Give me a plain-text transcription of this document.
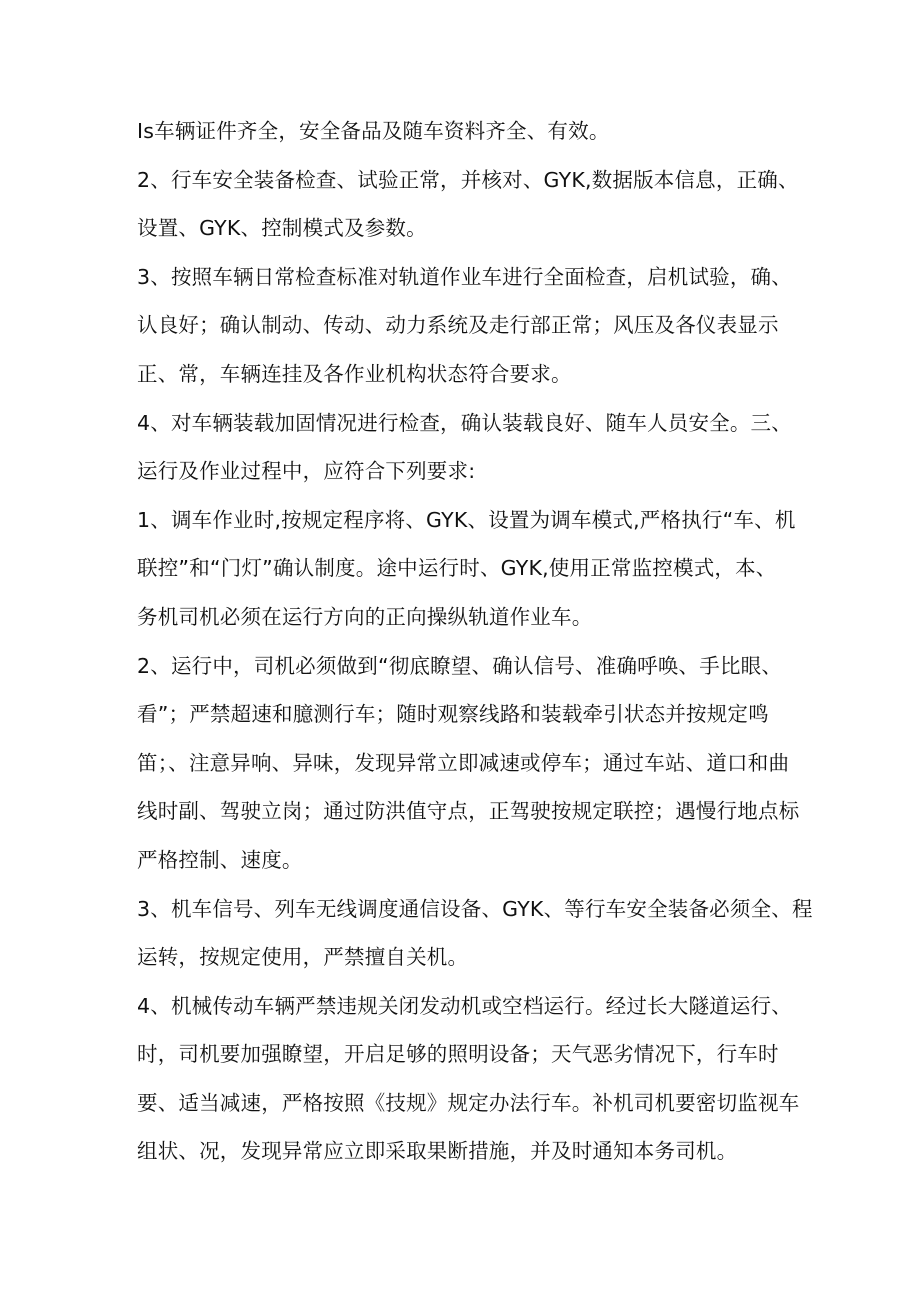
Is车辆证件齐全，安全备品及随车资料齐全、有效。
2、行车安全装备检查、试验正常，并核对、GYK,数据版本信息，正确、
设置、GYK、控制模式及参数。
3、按照车辆日常检查标准对轨道作业车进行全面检查，启机试验，确、
认良好；确认制动、传动、动力系统及走行部正常；风压及各仪表显示
正、常，车辆连挂及各作业机构状态符合要求。
4、对车辆装载加固情况进行检查，确认装载良好、随车人员安全。三、
运行及作业过程中，应符合下列要求:
1、调车作业时,按规定程序将、GYK、设置为调车模式,严格执行“车、机
联控”和“门灯”确认制度。途中运行时、GYK,使用正常监控模式，本、
务机司机必须在运行方向的正向操纵轨道作业车。
2、运行中，司机必须做到“彻底瞭望、确认信号、准确呼唤、手比眼、
看”；严禁超速和臆测行车；随时观察线路和装载牵引状态并按规定鸣
笛；、注意异响、异味，发现异常立即减速或停车；通过车站、道口和曲
线时副、驾驶立岗；通过防洪值守点，正驾驶按规定联控；遇慢行地点标
严格控制、速度。
3、机车信号、列车无线调度通信设备、GYK、等行车安全装备必须全、程
运转，按规定使用，严禁擅自关机。
4、机械传动车辆严禁违规关闭发动机或空档运行。经过长大隧道运行、
时，司机要加强瞭望，开启足够的照明设备；天气恶劣情况下，行车时
要、适当减速，严格按照《技规》规定办法行车。补机司机要密切监视车
组状、况，发现异常应立即采取果断措施，并及时通知本务司机。
